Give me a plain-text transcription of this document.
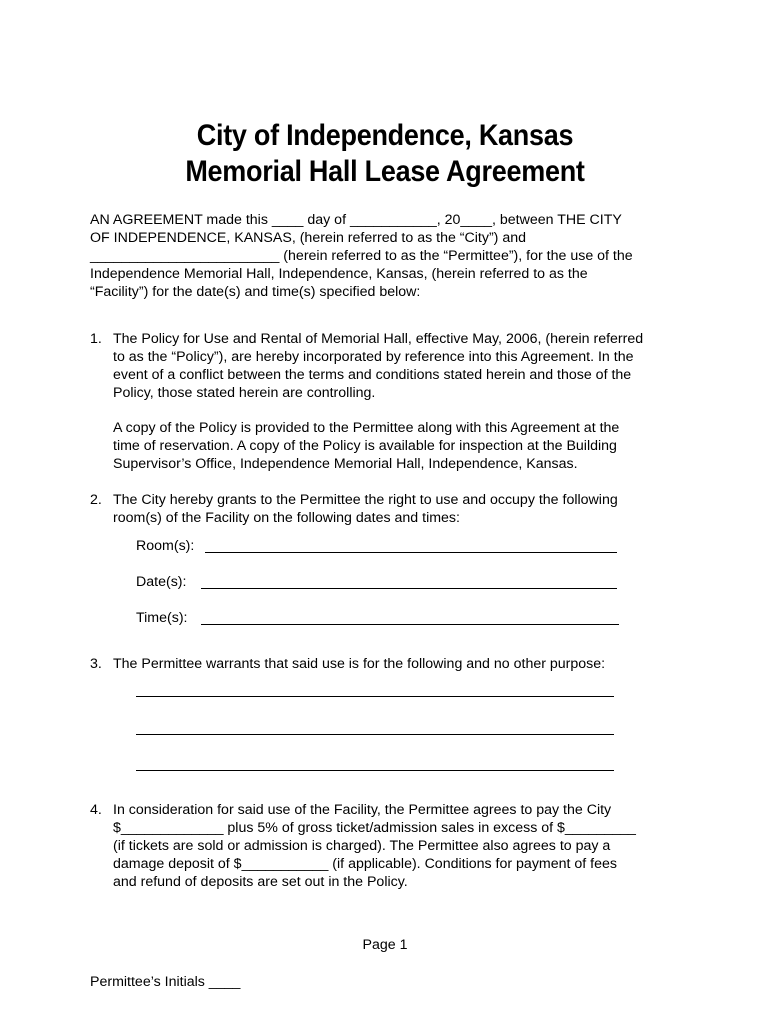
City of Independence, Kansas
Memorial Hall Lease Agreement
AN AGREEMENT made this ____ day of ___________, 20____, between THE CITY
OF INDEPENDENCE, KANSAS, (herein referred to as the “City”) and
________________________ (herein referred to as the “Permittee”), for the use of the
Independence Memorial Hall, Independence, Kansas, (herein referred to as the
“Facility”) for the date(s) and time(s) specified below:
1. The Policy for Use and Rental of Memorial Hall, effective May, 2006, (herein referred
to as the “Policy”), are hereby incorporated by reference into this Agreement. In the
event of a conflict between the terms and conditions stated herein and those of the
Policy, those stated herein are controlling.
A copy of the Policy is provided to the Permittee along with this Agreement at the
time of reservation. A copy of the Policy is available for inspection at the Building
Supervisor’s Office, Independence Memorial Hall, Independence, Kansas.
2. The City hereby grants to the Permittee the right to use and occupy the following
room(s) of the Facility on the following dates and times:
Room(s):
Date(s):
Time(s):
3. The Permittee warrants that said use is for the following and no other purpose:
4. In consideration for said use of the Facility, the Permittee agrees to pay the City
$_____________ plus 5% of gross ticket/admission sales in excess of $_________
(if tickets are sold or admission is charged). The Permittee also agrees to pay a
damage deposit of $___________ (if applicable). Conditions for payment of fees
and refund of deposits are set out in the Policy.
Page 1
Permittee’s Initials ____
